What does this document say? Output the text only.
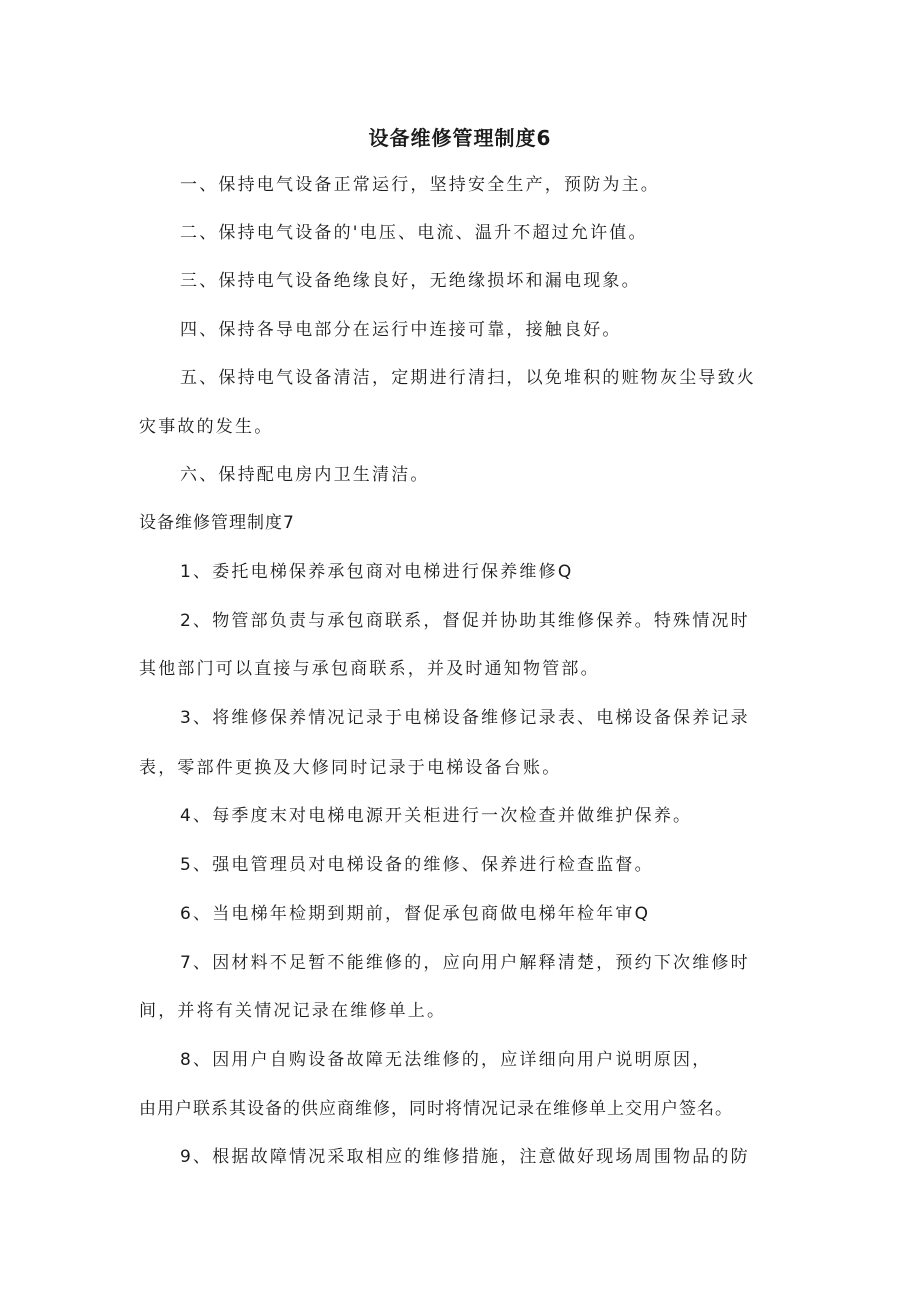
设备维修管理制度6
一、保持电气设备正常运行，坚持安全生产，预防为主。
二、保持电气设备的'电压、电流、温升不超过允许值。
三、保持电气设备绝缘良好，无绝缘损坏和漏电现象。
四、保持各导电部分在运行中连接可靠，接触良好。
五、保持电气设备清洁，定期进行清扫，以免堆积的赃物灰尘导致火
灾事故的发生。
六、保持配电房内卫生清洁。
设备维修管理制度7
1、委托电梯保养承包商对电梯进行保养维修Q
2、物管部负责与承包商联系，督促并协助其维修保养。特殊情况时
其他部门可以直接与承包商联系，并及时通知物管部。
3、将维修保养情况记录于电梯设备维修记录表、电梯设备保养记录
表，零部件更换及大修同时记录于电梯设备台账。
4、每季度末对电梯电源开关柜进行一次检查并做维护保养。
5、强电管理员对电梯设备的维修、保养进行检查监督。
6、当电梯年检期到期前，督促承包商做电梯年检年审Q
7、因材料不足暂不能维修的，应向用户解释清楚，预约下次维修时
间，并将有关情况记录在维修单上。
8、因用户自购设备故障无法维修的，应详细向用户说明原因，
由用户联系其设备的供应商维修，同时将情况记录在维修单上交用户签名。
9、根据故障情况采取相应的维修措施，注意做好现场周围物品的防
